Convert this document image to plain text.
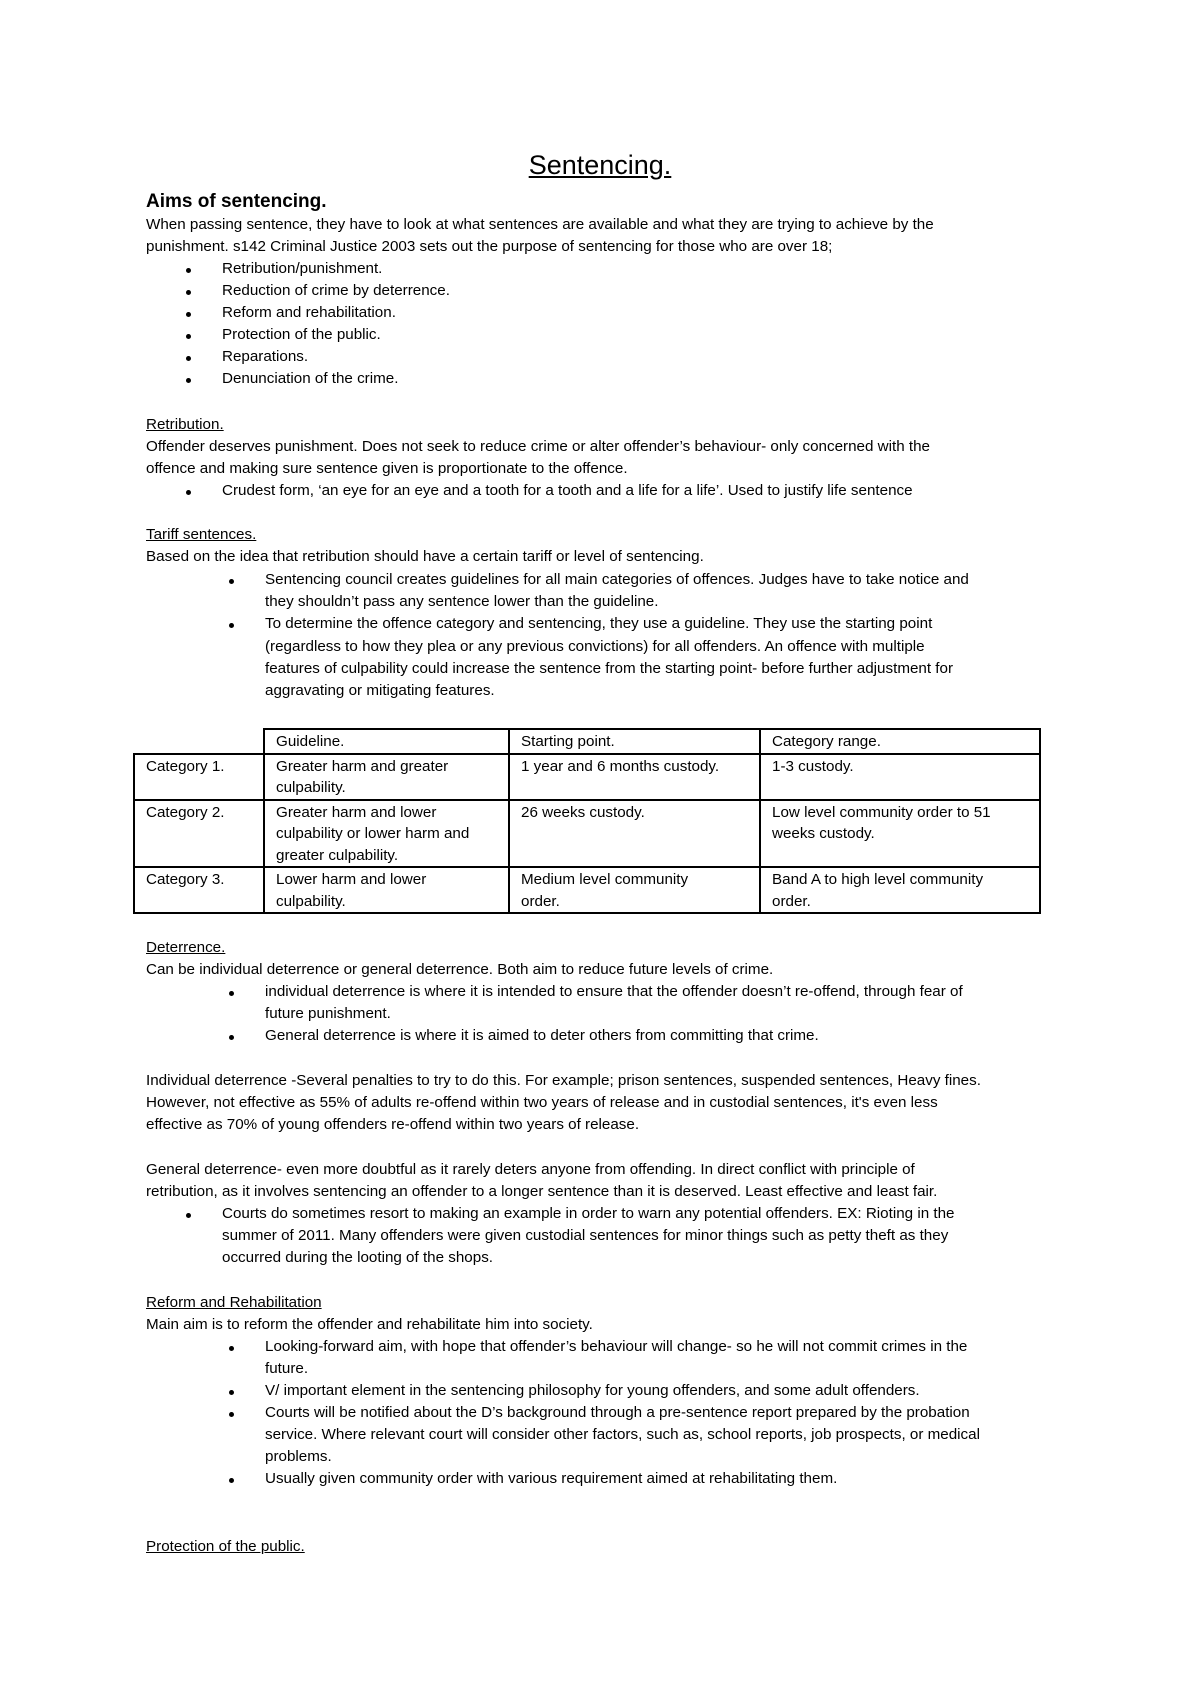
Sentencing.
Aims of sentencing.
When passing sentence, they have to look at what sentences are available and what they are trying to achieve by the
punishment. s142 Criminal Justice 2003 sets out the purpose of sentencing for those who are over 18;
Retribution/punishment.
Reduction of crime by deterrence.
Reform and rehabilitation.
Protection of the public.
Reparations.
Denunciation of the crime.
Retribution.
Offender deserves punishment. Does not seek to reduce crime or alter offender’s behaviour- only concerned with the
offence and making sure sentence given is proportionate to the offence.
Crudest form, ‘an eye for an eye and a tooth for a tooth and a life for a life’. Used to justify life sentence
Tariff sentences.
Based on the idea that retribution should have a certain tariff or level of sentencing.
Sentencing council creates guidelines for all main categories of offences. Judges have to take notice and
they shouldn’t pass any sentence lower than the guideline.
To determine the offence category and sentencing, they use a guideline. They use the starting point
(regardless to how they plea or any previous convictions) for all offenders. An offence with multiple
features of culpability could increase the sentence from the starting point- before further adjustment for
aggravating or mitigating features.
	Guideline.	Starting point.	Category range.
Category 1.	Greater harm and greater
culpability.	1 year and 6 months custody.	1-3 custody.
Category 2.	Greater harm and lower
culpability or lower harm and
greater culpability.	26 weeks custody.	Low level community order to 51
weeks custody.
Category 3.	Lower harm and lower
culpability.	Medium level community
order.	Band A to high level community
order.
Deterrence.
Can be individual deterrence or general deterrence. Both aim to reduce future levels of crime.
individual deterrence is where it is intended to ensure that the offender doesn’t re-offend, through fear of
future punishment.
General deterrence is where it is aimed to deter others from committing that crime.
Individual deterrence -Several penalties to try to do this. For example; prison sentences, suspended sentences, Heavy fines.
However, not effective as 55% of adults re-offend within two years of release and in custodial sentences, it's even less
effective as 70% of young offenders re-offend within two years of release.
General deterrence- even more doubtful as it rarely deters anyone from offending. In direct conflict with principle of
retribution, as it involves sentencing an offender to a longer sentence than it is deserved. Least effective and least fair.
Courts do sometimes resort to making an example in order to warn any potential offenders. EX: Rioting in the
summer of 2011. Many offenders were given custodial sentences for minor things such as petty theft as they
occurred during the looting of the shops.
Reform and Rehabilitation
Main aim is to reform the offender and rehabilitate him into society.
Looking-forward aim, with hope that offender’s behaviour will change- so he will not commit crimes in the
future.
V/ important element in the sentencing philosophy for young offenders, and some adult offenders.
Courts will be notified about the D’s background through a pre-sentence report prepared by the probation
service. Where relevant court will consider other factors, such as, school reports, job prospects, or medical
problems.
Usually given community order with various requirement aimed at rehabilitating them.
Protection of the public.
